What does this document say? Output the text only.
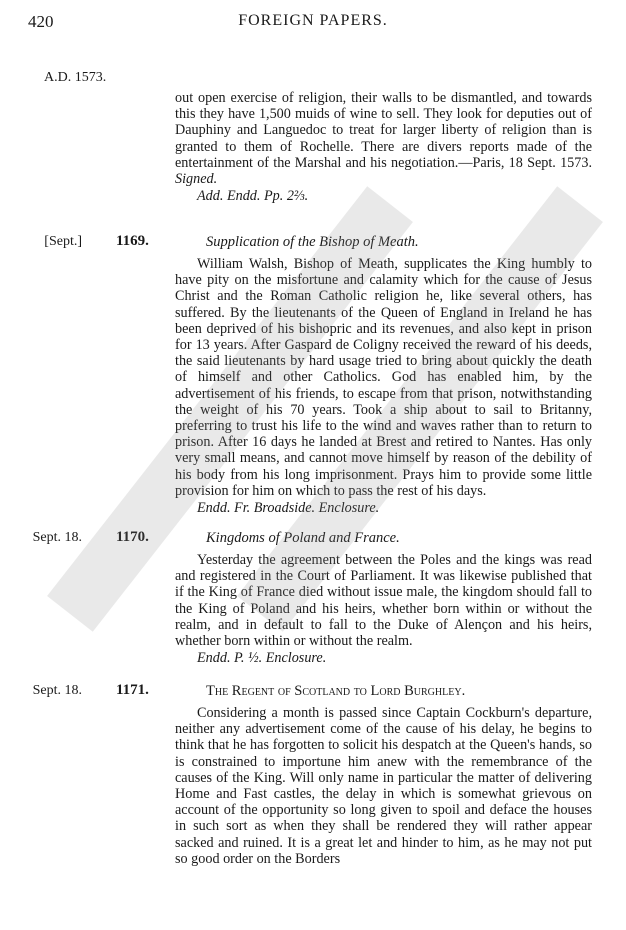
420	FOREIGN PAPERS.
A.D. 1573.

out open exercise of religion, their walls to be dismantled, and towards this they have 1,500 muids of wine to sell. They look for deputies out of Dauphiny and Languedoc to treat for larger liberty of religion than is granted to them of Rochelle. There are divers reports made of the entertainment of the Marshal and his negotiation.—Paris, 18 Sept. 1573. Signed.

Add. Endd. Pp. 2⅔.
[Sept.] 1169.	Supplication of the Bishop of Meath.

William Walsh, Bishop of Meath, supplicates the King humbly to have pity on the misfortune and calamity which for the cause of Jesus Christ and the Roman Catholic religion he, like several others, has suffered. By the lieutenants of the Queen of England in Ireland he has been deprived of his bishopric and its revenues, and also kept in prison for 13 years. After Gaspard de Coligny received the reward of his deeds, the said lieutenants by hard usage tried to bring about quickly the death of himself and other Catholics. God has enabled him, by the advertisement of his friends, to escape from that prison, notwithstanding the weight of his 70 years. Took a ship about to sail to Britanny, preferring to trust his life to the wind and waves rather than to return to prison. After 16 days he landed at Brest and retired to Nantes. Has only very small means, and cannot move himself by reason of the debility of his body from his long imprisonment. Prays him to provide some little provision for him on which to pass the rest of his days.

Endd. Fr. Broadside. Enclosure.
Sept. 18. 1170.	Kingdoms of Poland and France.

Yesterday the agreement between the Poles and the kings was read and registered in the Court of Parliament. It was likewise published that if the King of France died without issue male, the kingdom should fall to the King of Poland and his heirs, whether born within or without the realm, and in default to fall to the Duke of Alençon and his heirs, whether born within or without the realm.

Endd. P. ½. Enclosure.
Sept. 18. 1171.	The Regent of Scotland to Lord Burghley.

Considering a month is passed since Captain Cockburn's departure, neither any advertisement come of the cause of his delay, he begins to think that he has forgotten to solicit his despatch at the Queen's hands, so is constrained to importune him anew with the remembrance of the causes of the King. Will only name in particular the matter of delivering Home and Fast castles, the delay in which is somewhat grievous on account of the opportunity so long given to spoil and deface the houses in such sort as when they shall be rendered they will rather appear sacked and ruined. It is a great let and hinder to him, as he may not put so good order on the Borders
